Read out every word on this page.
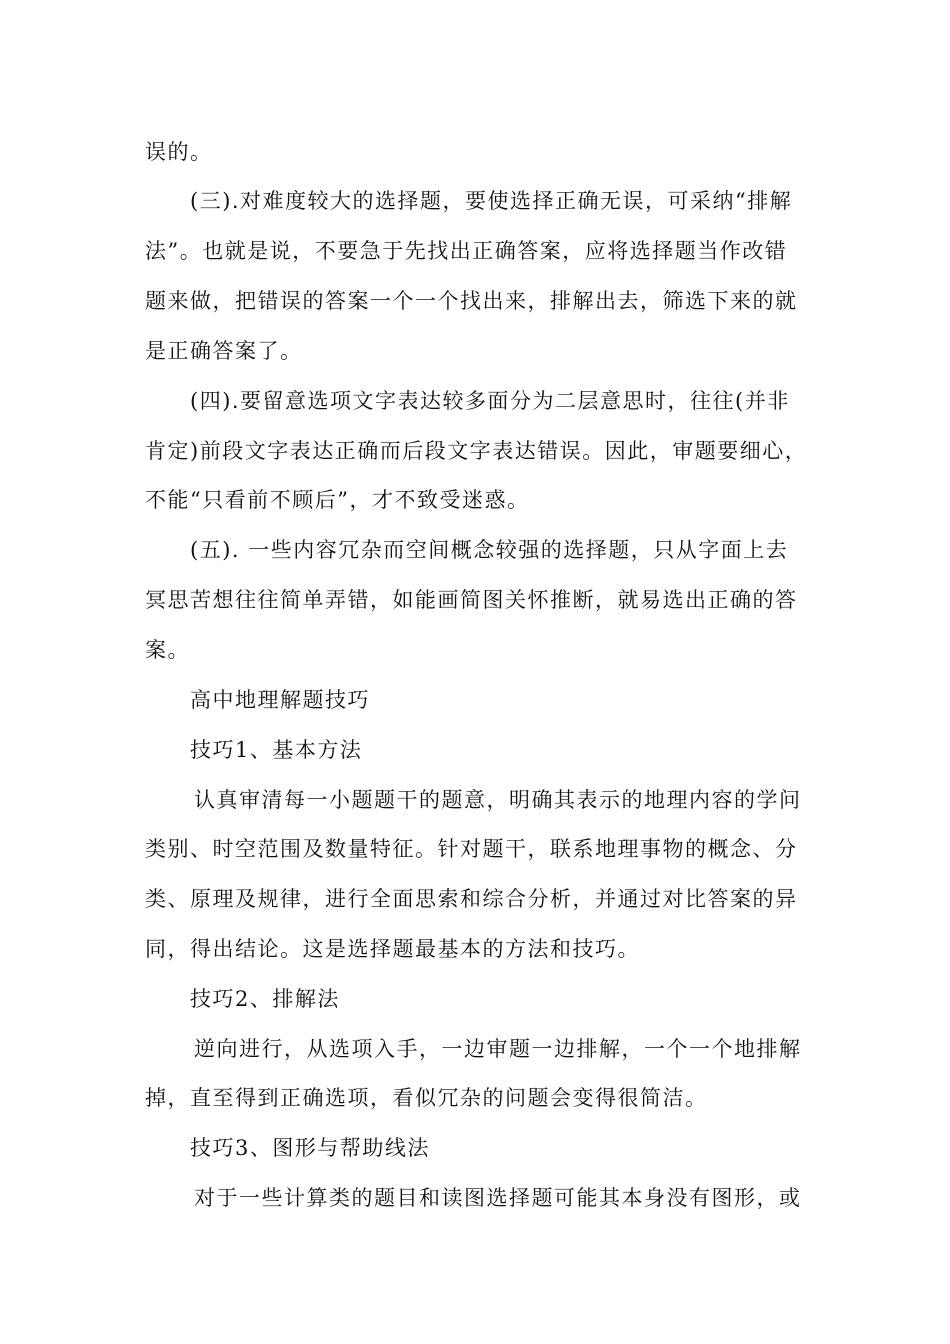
误的。
(三).对难度较大的选择题，要使选择正确无误，可采纳“排解
法”。也就是说，不要急于先找出正确答案，应将选择题当作改错
题来做，把错误的答案一个一个找出来，排解出去，筛选下来的就
是正确答案了。
(四).要留意选项文字表达较多面分为二层意思时，往往(并非
肯定)前段文字表达正确而后段文字表达错误。因此，审题要细心，
不能“只看前不顾后”，才不致受迷惑。
(五). 一些内容冗杂而空间概念较强的选择题，只从字面上去
冥思苦想往往简单弄错，如能画简图关怀推断，就易选出正确的答
案。
高中地理解题技巧
技巧1、基本方法
认真审清每一小题题干的题意，明确其表示的地理内容的学问
类别、时空范围及数量特征。针对题干，联系地理事物的概念、分
类、原理及规律，进行全面思索和综合分析，并通过对比答案的异
同，得出结论。这是选择题最基本的方法和技巧。
技巧2、排解法
逆向进行，从选项入手，一边审题一边排解，一个一个地排解
掉，直至得到正确选项，看似冗杂的问题会变得很简洁。
技巧3、图形与帮助线法
对于一些计算类的题目和读图选择题可能其本身没有图形，或
